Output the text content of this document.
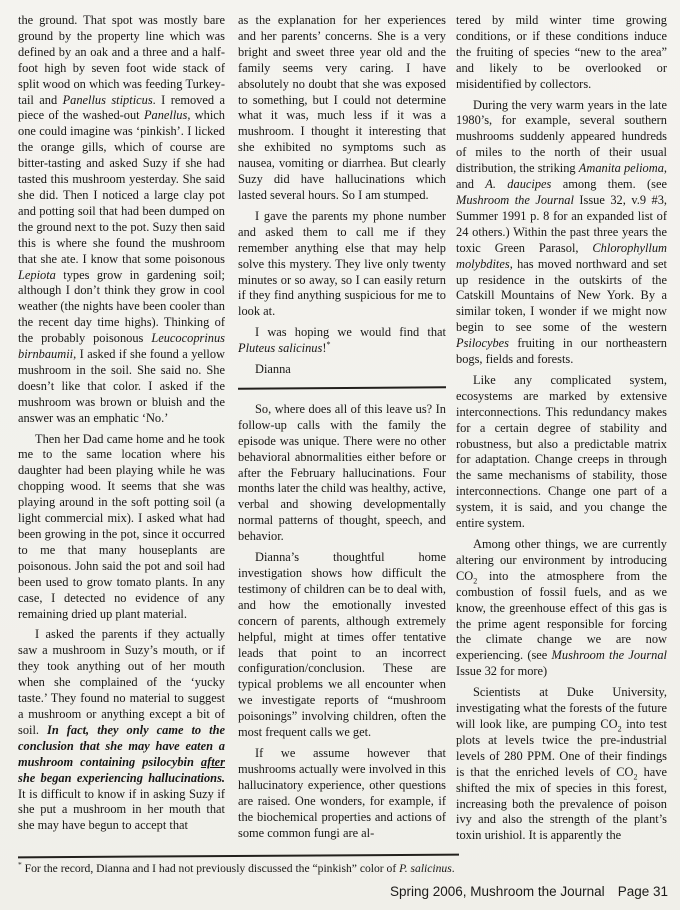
the ground. That spot was mostly bare ground by the property line which was defined by an oak and a three and a half-foot high by seven foot wide stack of split wood on which was feeding Turkey-tail and Panellus stipticus. I removed a piece of the washed-out Panellus, which one could imagine was ‘pinkish’. I licked the orange gills, which of course are bitter-tasting and asked Suzy if she had tasted this mushroom yesterday. She said she did. Then I noticed a large clay pot and potting soil that had been dumped on the ground next to the pot. Suzy then said this is where she found the mushroom that she ate. I know that some poisonous Lepiota types grow in gardening soil; although I don’t think they grow in cool weather (the nights have been cooler than the recent day time highs). Thinking of the probably poisonous Leucocoprinus birnbaumii, I asked if she found a yellow mushroom in the soil. She said no. She doesn’t like that color. I asked if the mushroom was brown or bluish and the answer was an emphatic ‘No.’

Then her Dad came home and he took me to the same location where his daughter had been playing while he was chopping wood. It seems that she was playing around in the soft potting soil (a light commercial mix). I asked what had been growing in the pot, since it occurred to me that many houseplants are poisonous. John said the pot and soil had been used to grow tomato plants. In any case, I detected no evidence of any remaining dried up plant material.

I asked the parents if they actually saw a mushroom in Suzy’s mouth, or if they took anything out of her mouth when she complained of the ‘yucky taste.’ They found no material to suggest a mushroom or anything except a bit of soil. In fact, they only came to the conclusion that she may have eaten a mushroom containing psilocybin after she began experiencing hallucinations. It is difficult to know if in asking Suzy if she put a mushroom in her mouth that she may have begun to accept that

as the explanation for her experiences and her parents’ concerns. She is a very bright and sweet three year old and the family seems very caring. I have absolutely no doubt that she was exposed to something, but I could not determine what it was, much less if it was a mushroom. I thought it interesting that she exhibited no symptoms such as nausea, vomiting or diarrhea. But clearly Suzy did have hallucinations which lasted several hours. So I am stumped.

I gave the parents my phone number and asked them to call me if they remember anything else that may help solve this mystery. They live only twenty minutes or so away, so I can easily return if they find anything suspicious for me to look at.

I was hoping we would find that Pluteus salicinus!*

Dianna

So, where does all of this leave us? In follow-up calls with the family the episode was unique. There were no other behavioral abnormalities either before or after the February hallucinations. Four months later the child was healthy, active, verbal and showing developmentally normal patterns of thought, speech, and behavior.

Dianna’s thoughtful home investigation shows how difficult the testimony of children can be to deal with, and how the emotionally invested concern of parents, although extremely helpful, might at times offer tentative leads that point to an incorrect configuration/conclusion. These are typical problems we all encounter when we investigate reports of “mushroom poisonings” involving children, often the most frequent calls we get.

If we assume however that mushrooms actually were involved in this hallucinatory experience, other questions are raised. One wonders, for example, if the biochemical properties and actions of some common fungi are al-

tered by mild winter time growing conditions, or if these conditions induce the fruiting of species “new to the area” and likely to be overlooked or misidentified by collectors.

During the very warm years in the late 1980’s, for example, several southern mushrooms suddenly appeared hundreds of miles to the north of their usual distribution, the striking Amanita pelioma, and A. daucipes among them. (see Mushroom the Journal Issue 32, v.9 #3, Summer 1991 p. 8 for an expanded list of 24 others.) Within the past three years the toxic Green Parasol, Chlorophyllum molybdites, has moved northward and set up residence in the outskirts of the Catskill Mountains of New York. By a similar token, I wonder if we might now begin to see some of the western Psilocybes fruiting in our northeastern bogs, fields and forests.

Like any complicated system, ecosystems are marked by extensive interconnections. This redundancy makes for a certain degree of stability and robustness, but also a predictable matrix for adaptation. Change creeps in through the same mechanisms of stability, those interconnections. Change one part of a system, it is said, and you change the entire system.

Among other things, we are currently altering our environment by introducing $CO_2$ into the atmosphere from the combustion of fossil fuels, and as we know, the greenhouse effect of this gas is the prime agent responsible for forcing the climate change we are now experiencing. (see Mushroom the Journal Issue 32 for more)

Scientists at Duke University, investigating what the forests of the future will look like, are pumping $CO_2$ into test plots at levels twice the pre-industrial levels of 280 PPM. One of their findings is that the enriched levels of $CO_2$ have shifted the mix of species in this forest, increasing both the prevalence of poison ivy and also the strength of the plant’s toxin urishiol. It is apparently the

* For the record, Dianna and I had not previously discussed the “pinkish” color of P. salicinus.
Spring 2006, Mushroom the Journal Page 31
